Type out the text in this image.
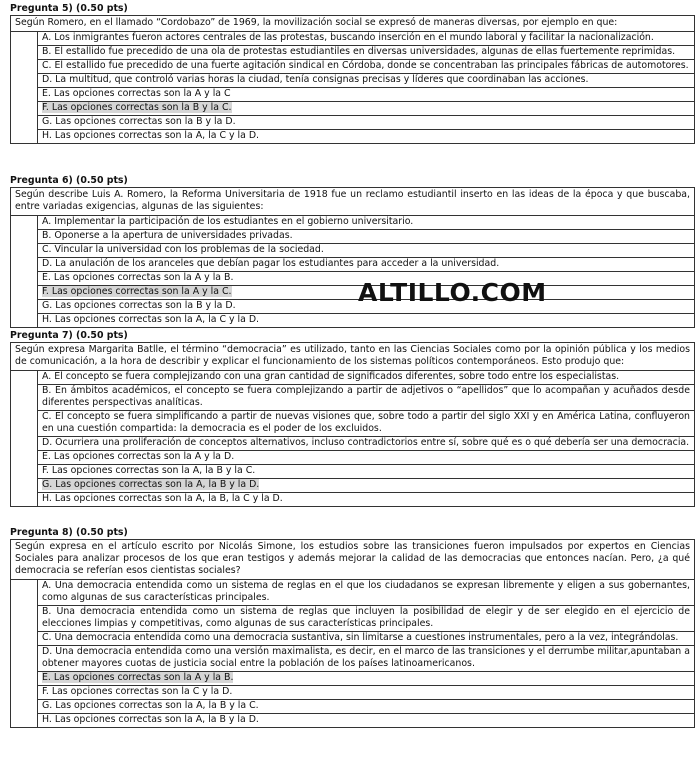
Pregunta 5) (0.50 pts)
Según Romero, en el llamado “Cordobazo” de 1969, la movilización social se expresó de maneras diversas, por ejemplo en que:
A. Los inmigrantes fueron actores centrales de las protestas, buscando inserción en el mundo laboral y facilitar la nacionalización.
B. El estallido fue precedido de una ola de protestas estudiantiles en diversas universidades, algunas de ellas fuertemente reprimidas.
C. El estallido fue precedido de una fuerte agitación sindical en Córdoba, donde se concentraban las principales fábricas de automotores.
D. La multitud, que controló varias horas la ciudad, tenía consignas precisas y líderes que coordinaban las acciones.
E. Las opciones correctas son la A y la C
F. Las opciones correctas son la B y la C.
G. Las opciones correctas son la B y la D.
H. Las opciones correctas son la A, la C y la D.
Pregunta 6) (0.50 pts)
Según describe Luis A. Romero, la Reforma Universitaria de 1918 fue un reclamo estudiantil inserto en las ideas de la época y que buscaba, entre variadas exigencias, algunas de las siguientes:
A. Implementar la participación de los estudiantes en el gobierno universitario.
B. Oponerse a la apertura de universidades privadas.
C. Vincular la universidad con los problemas de la sociedad.
D. La anulación de los aranceles que debían pagar los estudiantes para acceder a la universidad.
E. Las opciones correctas son la A y la B.
F. Las opciones correctas son la A y la C.
G. Las opciones correctas son la B y la D.
H. Las opciones correctas son la A, la C y la D.
Pregunta 7) (0.50 pts)
Según expresa Margarita Batlle, el término “democracia” es utilizado, tanto en las Ciencias Sociales como por la opinión pública y los medios de comunicación, a la hora de describir y explicar el funcionamiento de los sistemas políticos contemporáneos. Esto produjo que:
A. El concepto se fuera complejizando con una gran cantidad de significados diferentes, sobre todo entre los especialistas.
B. En ámbitos académicos, el concepto se fuera complejizando a partir de adjetivos o “apellidos” que lo acompañan y acuñados desde diferentes perspectivas analíticas.
C. El concepto se fuera simplificando a partir de nuevas visiones que, sobre todo a partir del siglo XXI y en América Latina, confluyeron en una cuestión compartida: la democracia es el poder de los excluidos.
D. Ocurriera una proliferación de conceptos alternativos, incluso contradictorios entre sí, sobre qué es o qué debería ser una democracia.
E. Las opciones correctas son la A y la D.
F. Las opciones correctas son la A, la B y la C.
G. Las opciones correctas son la A, la B y la D.
H. Las opciones correctas son la A, la B, la C y la D.
Pregunta 8) (0.50 pts)
Según expresa en el artículo escrito por Nicolás Simone, los estudios sobre las transiciones fueron impulsados por expertos en Ciencias Sociales para analizar procesos de los que eran testigos y además mejorar la calidad de las democracias que entonces nacían. Pero, ¿a qué democracia se referían esos cientistas sociales?
A. Una democracia entendida como un sistema de reglas en el que los ciudadanos se expresan libremente y eligen a sus gobernantes, como algunas de sus características principales.
B. Una democracia entendida como un sistema de reglas que incluyen la posibilidad de elegir y de ser elegido en el ejercicio de elecciones limpias y competitivas, como algunas de sus características principales.
C. Una democracia entendida como una democracia sustantiva, sin limitarse a cuestiones instrumentales, pero a la vez, integrándolas.
D. Una democracia entendida como una versión maximalista, es decir, en el marco de las transiciones y el derrumbe militar,apuntaban a obtener mayores cuotas de justicia social entre la población de los países latinoamericanos.
E. Las opciones correctas son la A y la B.
F. Las opciones correctas son la C y la D.
G. Las opciones correctas son la A, la B y la C.
H. Las opciones correctas son la A, la B y la D.
ALTILLO.COM
